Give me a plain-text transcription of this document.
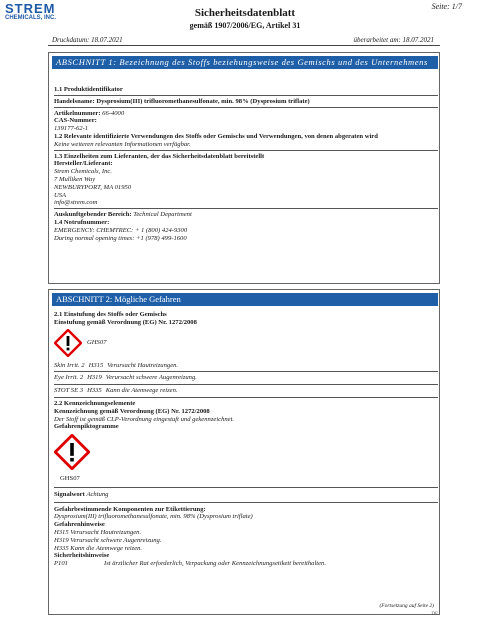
STREM
CHEMICALS, INC.
Seite: 1/7
Sicherheitsdatenblatt
gemäß 1907/2006/EG, Artikel 31
Druckdatum: 18.07.2021	überarbeitet am: 18.07.2021
ABSCHNITT 1: Bezeichnung des Stoffs beziehungsweise des Gemischs und des Unternehmens

1.1 Produktidentifikator

Handelsname: Dysprosium(III) trifluoromethanesulfonate, min. 98% (Dysprosium triflate)

Artikelnummer: 66-4000

CAS-Nummer:

139177-62-1

1.2 Relevante identifizierte Verwendungen des Stoffs oder Gemischs und Verwendungen, von denen abgeraten wird

Keine weiteren relevanten Informationen verfügbar.

1.3 Einzelheiten zum Lieferanten, der das Sicherheitsdatenblatt bereitstellt

Hersteller/Lieferant:

Strem Chemicals, Inc.

7 Mulliken Way

NEWBURYPORT, MA 01950

USA

info@strem.com

Auskunftgebender Bereich: Technical Department

1.4 Notrufnummer:

EMERGENCY: CHEMTREC: + 1 (800) 424-9300

During normal opening times: +1 (978) 499-1600

ABSCHNITT 2: Mögliche Gefahren

2.1 Einstufung des Stoffs oder Gemischs

Einstufung gemäß Verordnung (EG) Nr. 1272/2008

GHS07
Skin Irrit. 2 H315 Verursacht Hautreizungen.
Eye Irrit. 2 H319 Verursacht schwere Augenreizung.
STOT SE 3 H335 Kann die Atemwege reizen.

2.2 Kennzeichnungselemente

Kennzeichnung gemäß Verordnung (EG) Nr. 1272/2008

Der Stoff ist gemäß CLP-Verordnung eingestuft und gekennzeichnet.

Gefahrenpiktogramme

GHS07

Signalwort Achtung

Gefahrbestimmende Komponenten zur Etikettierung:

Dysprosium(III) trifluoromethanesulfonate, min. 98% (Dysprosium triflate)

Gefahrenhinweise

H315 Verursacht Hautreizungen.

H319 Verursacht schwere Augenreizung.

H335 Kann die Atemwege reizen.

Sicherheitshinweise

P101	Ist ärztlicher Rat erforderlich, Verpackung oder Kennzeichnungsetikett bereithalten.
(Fortsetzung auf Seite 2)
DE
